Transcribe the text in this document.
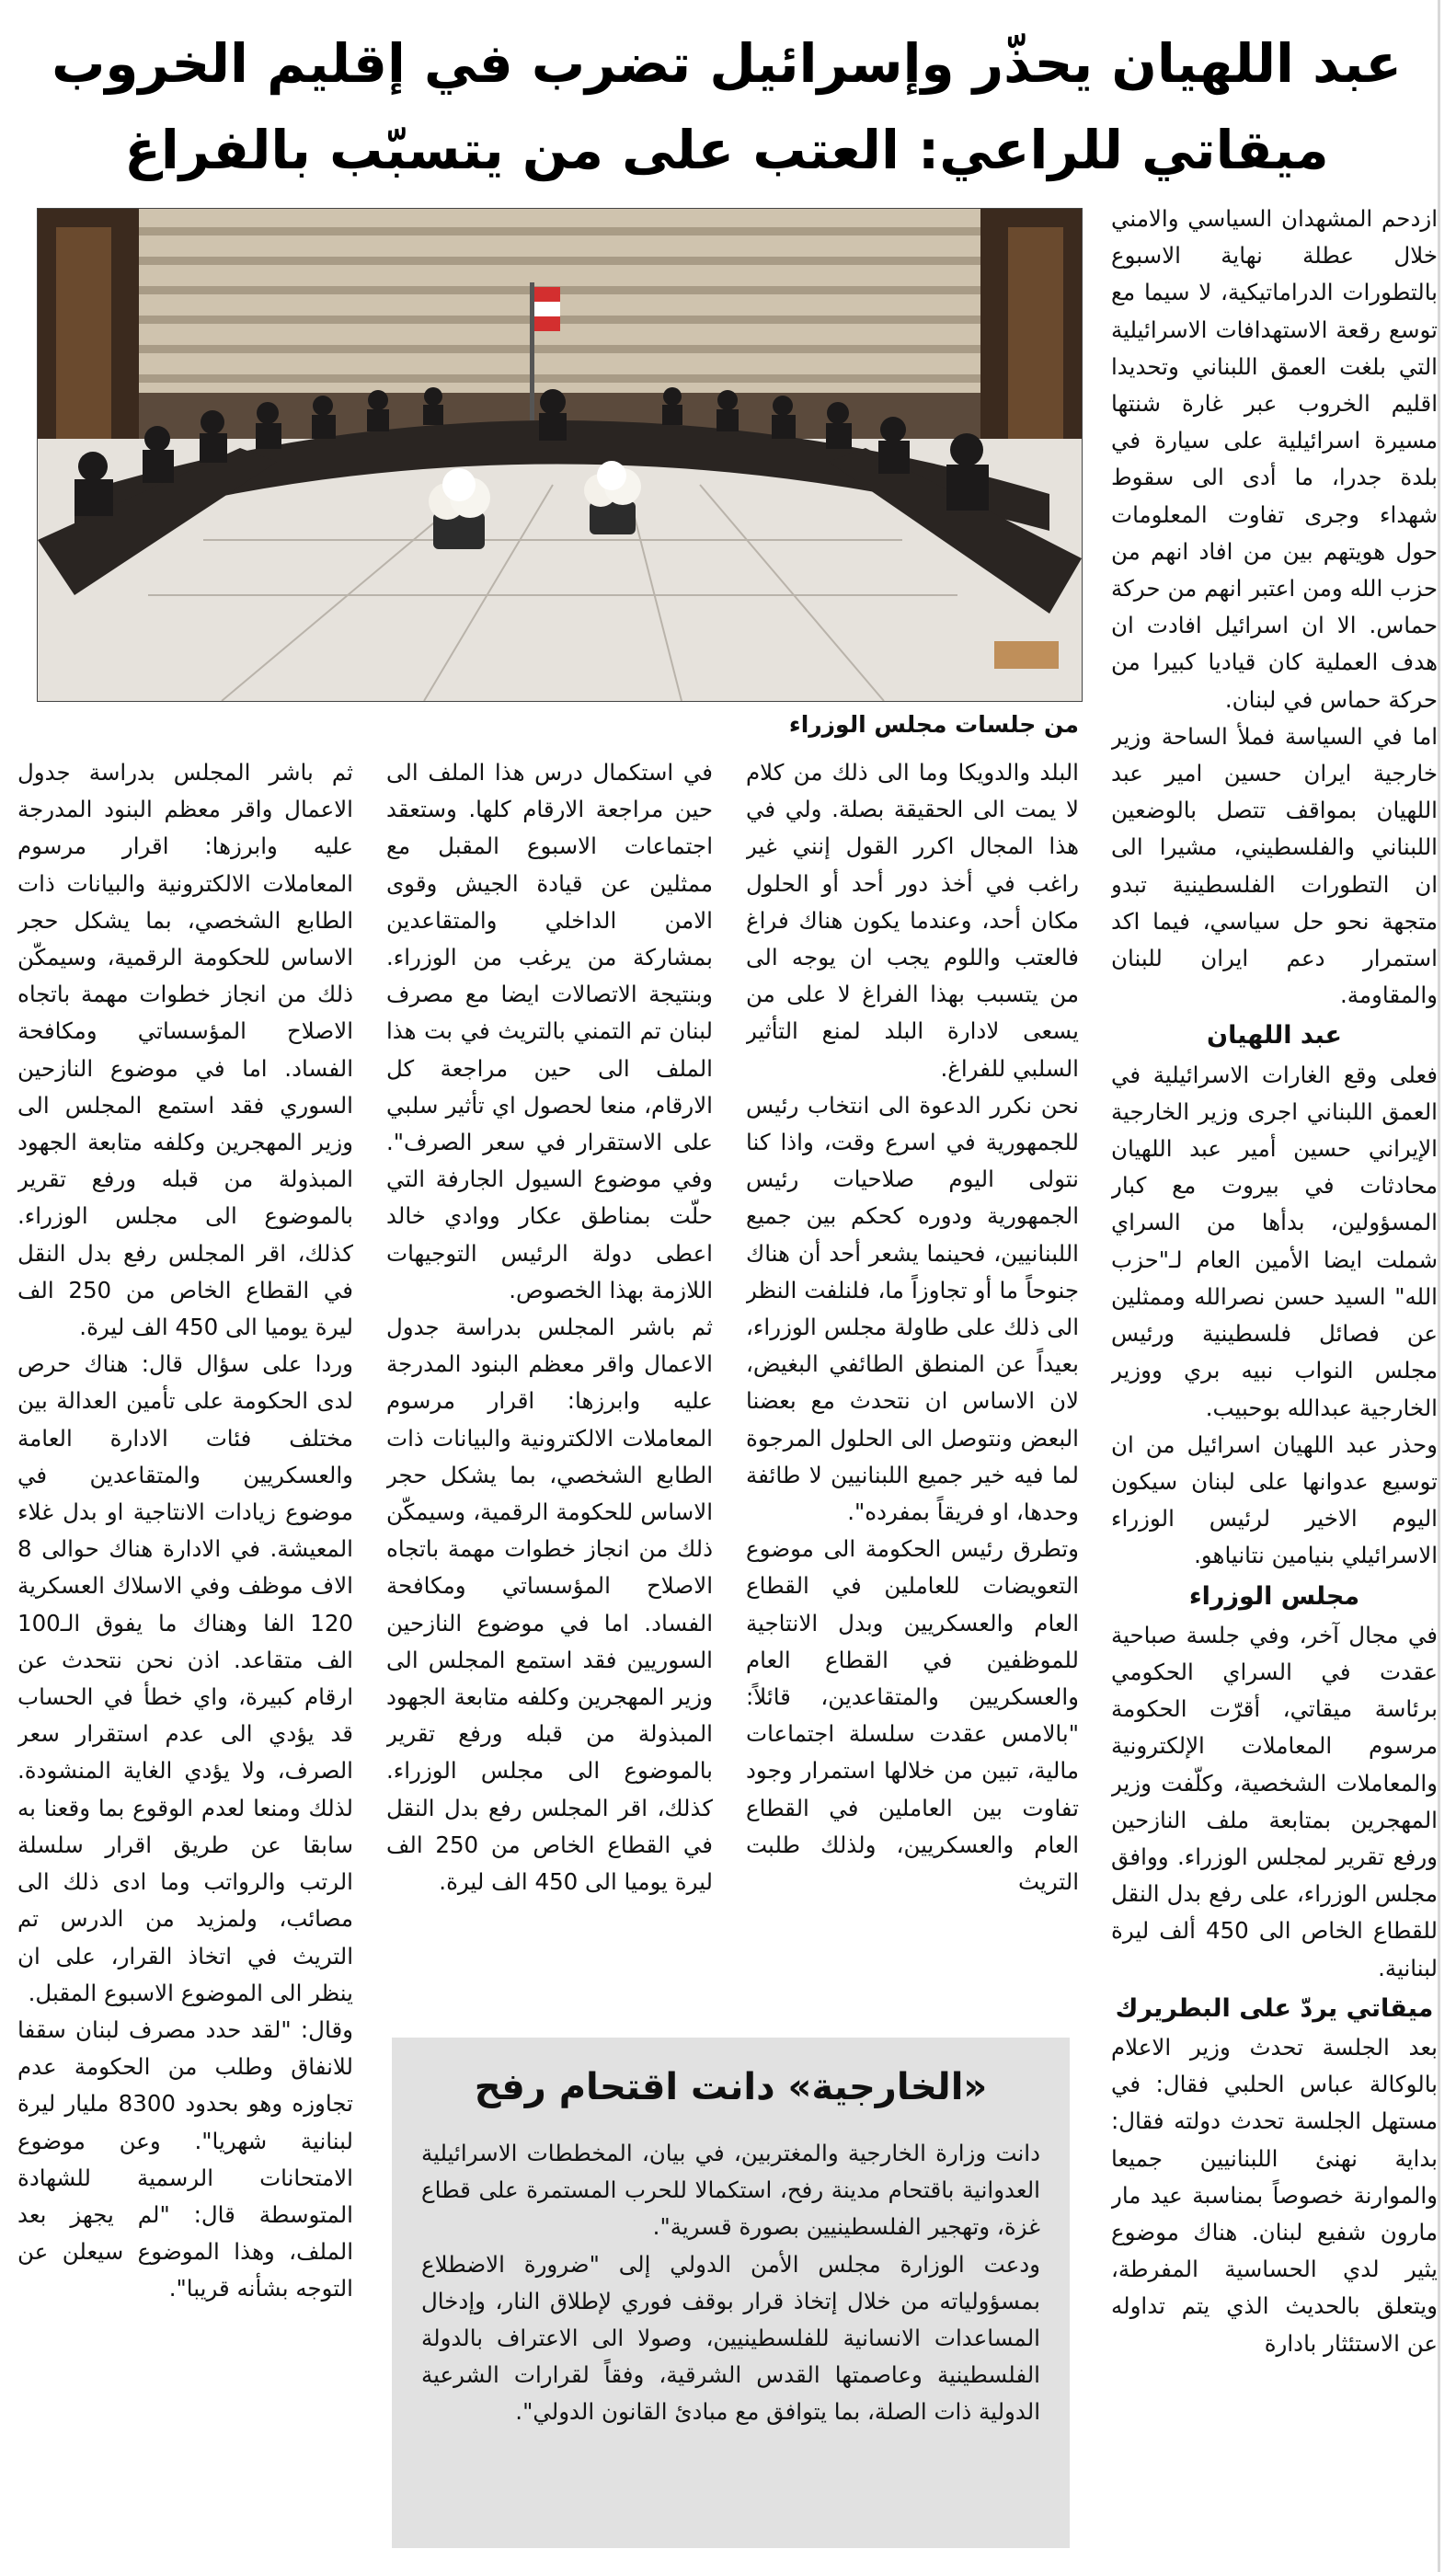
عبد اللهيان يحذّر وإسرائيل تضرب في إقليم الخروب
ميقاتي للراعي: العتب على من يتسبّب بالفراغ
من جلسات مجلس الوزراء

ازدحم المشهدان السياسي والامني خلال عطلة نهاية الاسبوع بالتطورات الدراماتيكية، لا سيما مع توسع رقعة الاستهدافات الاسرائيلية التي بلغت العمق اللبناني وتحديدا اقليم الخروب عبر غارة شنتها مسيرة اسرائيلية على سيارة في بلدة جدرا، ما أدى الى سقوط شهداء وجرى تفاوت المعلومات حول هويتهم بين من افاد انهم من حزب الله ومن اعتبر انهم من حركة حماس. الا ان اسرائيل افادت ان هدف العملية كان قياديا كبيرا من حركة حماس في لبنان.

اما في السياسة فملأ الساحة وزير خارجية ايران حسين امير عبد اللهيان بمواقف تتصل بالوضعين اللبناني والفلسطيني، مشيرا الى ان التطورات الفلسطينية تبدو متجهة نحو حل سياسي، فيما اكد استمرار دعم ايران للبنان والمقاومة.

عبد اللهيان

فعلى وقع الغارات الاسرائيلية في العمق اللبناني اجرى وزير الخارجية الإيراني حسين أمير عبد اللهيان محادثات في بيروت مع كبار المسؤولين، بدأها من السراي شملت ايضا الأمين العام لـ"حزب الله" السيد حسن نصرالله وممثلين عن فصائل فلسطينية ورئيس مجلس النواب نبيه بري ووزير الخارجية عبدالله بوحبيب.

وحذر عبد اللهيان اسرائيل من ان توسيع عدوانها على لبنان سيكون اليوم الاخير لرئيس الوزراء الاسرائيلي بنيامين نتانياهو.

مجلس الوزراء

في مجال آخر، وفي جلسة صباحية عقدت في السراي الحكومي برئاسة ميقاتي، أقرّت الحكومة مرسوم المعاملات الإلكترونية والمعاملات الشخصية، وكلّفت وزير المهجرين بمتابعة ملف النازحين ورفع تقرير لمجلس الوزراء. ووافق مجلس الوزراء، على رفع بدل النقل للقطاع الخاص الى 450 ألف ليرة لبنانية.

ميقاتي يردّ على البطريرك

بعد الجلسة تحدث وزير الاعلام بالوكالة عباس الحلبي فقال: في مستهل الجلسة تحدث دولته فقال: بداية نهنئ اللبنانيين جميعا والموارنة خصوصاً بمناسبة عيد مار مارون شفيع لبنان. هناك موضوع يثير لدي الحساسية المفرطة، ويتعلق بالحديث الذي يتم تداوله عن الاستئثار بادارة

البلد والدويكا وما الى ذلك من كلام لا يمت الى الحقيقة بصلة. ولي في هذا المجال اكرر القول إنني غير راغب في أخذ دور أحد أو الحلول مكان أحد، وعندما يكون هناك فراغ فالعتب واللوم يجب ان يوجه الى من يتسبب بهذا الفراغ لا على من يسعى لادارة البلد لمنع التأثير السلبي للفراغ.

نحن نكرر الدعوة الى انتخاب رئيس للجمهورية في اسرع وقت، واذا كنا نتولى اليوم صلاحيات رئيس الجمهورية ودوره كحكم بين جميع اللبنانيين، فحينما يشعر أحد أن هناك جنوحاً ما أو تجاوزاً ما، فلنلفت النظر الى ذلك على طاولة مجلس الوزراء، بعيداً عن المنطق الطائفي البغيض، لان الاساس ان نتحدث مع بعضنا البعض ونتوصل الى الحلول المرجوة لما فيه خير جميع اللبنانيين لا طائفة وحدها، او فريقاً بمفرده".

وتطرق رئيس الحكومة الى موضوع التعويضات للعاملين في القطاع العام والعسكريين وبدل الانتاجية للموظفين في القطاع العام والعسكريين والمتقاعدين، قائلاً: "بالامس عقدت سلسلة اجتماعات مالية، تبين من خلالها استمرار وجود تفاوت بين العاملين في القطاع العام والعسكريين، ولذلك طلبت التريث

في استكمال درس هذا الملف الى حين مراجعة الارقام كلها. وستعقد اجتماعات الاسبوع المقبل مع ممثلين عن قيادة الجيش وقوى الامن الداخلي والمتقاعدين بمشاركة من يرغب من الوزراء. وبنتيجة الاتصالات ايضا مع مصرف لبنان تم التمني بالتريث في بت هذا الملف الى حين مراجعة كل الارقام، منعا لحصول اي تأثير سلبي على الاستقرار في سعر الصرف". وفي موضوع السيول الجارفة التي حلّت بمناطق عكار ووادي خالد اعطى دولة الرئيس التوجيهات اللازمة بهذا الخصوص.

ثم باشر المجلس بدراسة جدول الاعمال واقر معظم البنود المدرجة عليه وابرزها: اقرار مرسوم المعاملات الالكترونية والبيانات ذات الطابع الشخصي، بما يشكل حجر الاساس للحكومة الرقمية، وسيمكّن ذلك من انجاز خطوات مهمة باتجاه الاصلاح المؤسساتي ومكافحة الفساد. اما في موضوع النازحين السوريين فقد استمع المجلس الى وزير المهجرين وكلفه متابعة الجهود المبذولة من قبله ورفع تقرير بالموضوع الى مجلس الوزراء. كذلك، اقر المجلس رفع بدل النقل في القطاع الخاص من 250 الف ليرة يوميا الى 450 الف ليرة.

ثم باشر المجلس بدراسة جدول الاعمال واقر معظم البنود المدرجة عليه وابرزها: اقرار مرسوم المعاملات الالكترونية والبيانات ذات الطابع الشخصي، بما يشكل حجر الاساس للحكومة الرقمية، وسيمكّن ذلك من انجاز خطوات مهمة باتجاه الاصلاح المؤسساتي ومكافحة الفساد. اما في موضوع النازحين السوري فقد استمع المجلس الى وزير المهجرين وكلفه متابعة الجهود المبذولة من قبله ورفع تقرير بالموضوع الى مجلس الوزراء. كذلك، اقر المجلس رفع بدل النقل في القطاع الخاص من 250 الف ليرة يوميا الى 450 الف ليرة.

وردا على سؤال قال: هناك حرص لدى الحكومة على تأمين العدالة بين مختلف فئات الادارة العامة والعسكريين والمتقاعدين في موضوع زيادات الانتاجية او بدل غلاء المعيشة. في الادارة هناك حوالى 8 الاف موظف وفي الاسلاك العسكرية 120 الفا وهناك ما يفوق الـ100 الف متقاعد. اذن نحن نتحدث عن ارقام كبيرة، واي خطأ في الحساب قد يؤدي الى عدم استقرار سعر الصرف، ولا يؤدي الغاية المنشودة. لذلك ومنعا لعدم الوقوع بما وقعنا به سابقا عن طريق اقرار سلسلة الرتب والرواتب وما ادى ذلك الى مصائب، ولمزيد من الدرس تم التريث في اتخاذ القرار، على ان ينظر الى الموضوع الاسبوع المقبل.

وقال: "لقد حدد مصرف لبنان سقفا للانفاق وطلب من الحكومة عدم تجاوزه وهو بحدود 8300 مليار ليرة لبنانية شهريا". وعن موضوع الامتحانات الرسمية للشهادة المتوسطة قال: "لم يجهز بعد الملف، وهذا الموضوع سيعلن عن التوجه بشأنه قريبا".

«الخارجية» دانت اقتحام رفح

دانت وزارة الخارجية والمغتربين، في بيان، المخططات الاسرائيلية العدوانية باقتحام مدينة رفح، استكمالا للحرب المستمرة على قطاع غزة، وتهجير الفلسطينيين بصورة قسرية".

ودعت الوزارة مجلس الأمن الدولي إلى "ضرورة الاضطلاع بمسؤولياته من خلال إتخاذ قرار بوقف فوري لإطلاق النار، وإدخال المساعدات الانسانية للفلسطينيين، وصولا الى الاعتراف بالدولة الفلسطينية وعاصمتها القدس الشرقية، وفقاً لقرارات الشرعية الدولية ذات الصلة، بما يتوافق مع مبادئ القانون الدولي".
